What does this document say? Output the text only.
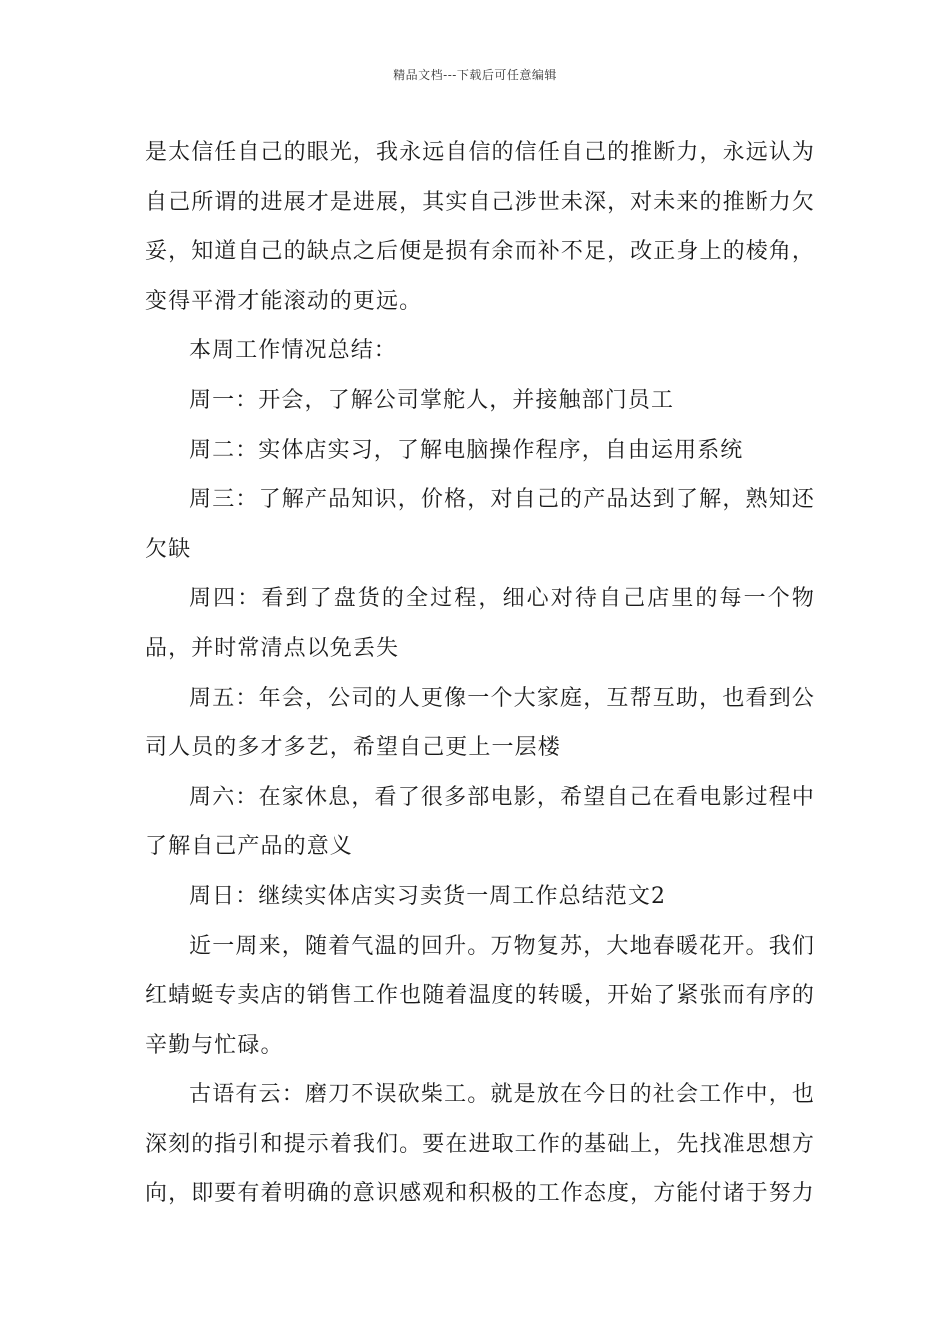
精品文档---下载后可任意编辑

是太信任自己的眼光，我永远自信的信任自己的推断力，永远认为自己所谓的进展才是进展，其实自己涉世未深，对未来的推断力欠妥，知道自己的缺点之后便是损有余而补不足，改正身上的棱角，变得平滑才能滚动的更远。

本周工作情况总结：

周一：开会，了解公司掌舵人，并接触部门员工

周二：实体店实习，了解电脑操作程序，自由运用系统

周三：了解产品知识，价格，对自己的产品达到了解，熟知还欠缺

周四：看到了盘货的全过程，细心对待自己店里的每一个物品，并时常清点以免丢失

周五：年会，公司的人更像一个大家庭，互帮互助，也看到公司人员的多才多艺，希望自己更上一层楼

周六：在家休息，看了很多部电影，希望自己在看电影过程中了解自己产品的意义

周日：继续实体店实习卖货一周工作总结范文2

近一周来，随着气温的回升。万物复苏，大地春暖花开。我们红蜻蜓专卖店的销售工作也随着温度的转暖，开始了紧张而有序的辛勤与忙碌。

古语有云：磨刀不误砍柴工。就是放在今日的社会工作中，也深刻的指引和提示着我们。要在进取工作的基础上，先找准思想方向，即要有着明确的意识感观和积极的工作态度，方能付诸于努力
